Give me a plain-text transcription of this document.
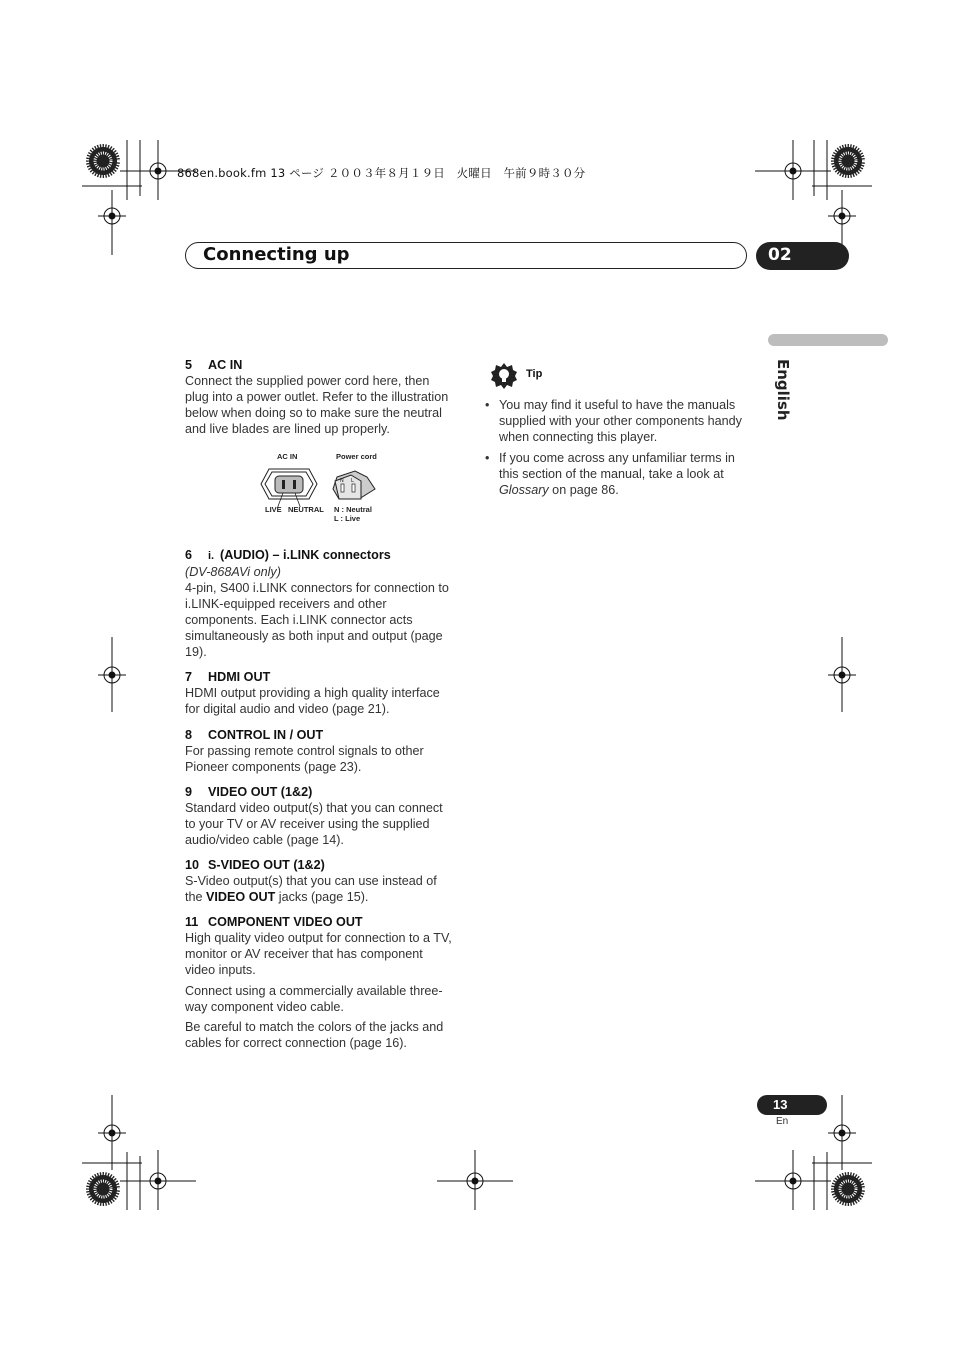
868en.book.fm 13 ページ ２００３年８月１９日　火曜日　午前９時３０分
Connecting up	02
English
5 AC IN

Connect the supplied power cord here, then plug into a power outlet. Refer to the illustration below when doing so to make sure the neutral and live blades are lined up properly.

AC IN	Power cord
N L
LIVE NEUTRAL N : Neutral
L : Live
6 i. (AUDIO) – i.LINK connectors

(DV-868AVi only)

4-pin, S400 i.LINK connectors for connection to i.LINK-equipped receivers and other components. Each i.LINK connector acts simultaneously as both input and output (page 19).

7 HDMI OUT

HDMI output providing a high quality interface for digital audio and video (page 21).

8 CONTROL IN / OUT

For passing remote control signals to other Pioneer components (page 23).

9 VIDEO OUT (1&2)

Standard video output(s) that you can connect to your TV or AV receiver using the supplied audio/video cable (page 14).

10 S-VIDEO OUT (1&2)

S-Video output(s) that you can use instead of the VIDEO OUT jacks (page 15).

11 COMPONENT VIDEO OUT

High quality video output for connection to a TV, monitor or AV receiver that has component video inputs.

Connect using a commercially available three-way component video cable.

Be careful to match the colors of the jacks and cables for correct connection (page 16).

Tip
• You may find it useful to have the manuals supplied with your other components handy when connecting this player.
• If you come across any unfamiliar terms in this section of the manual, take a look at Glossary on page 86.
13
En
